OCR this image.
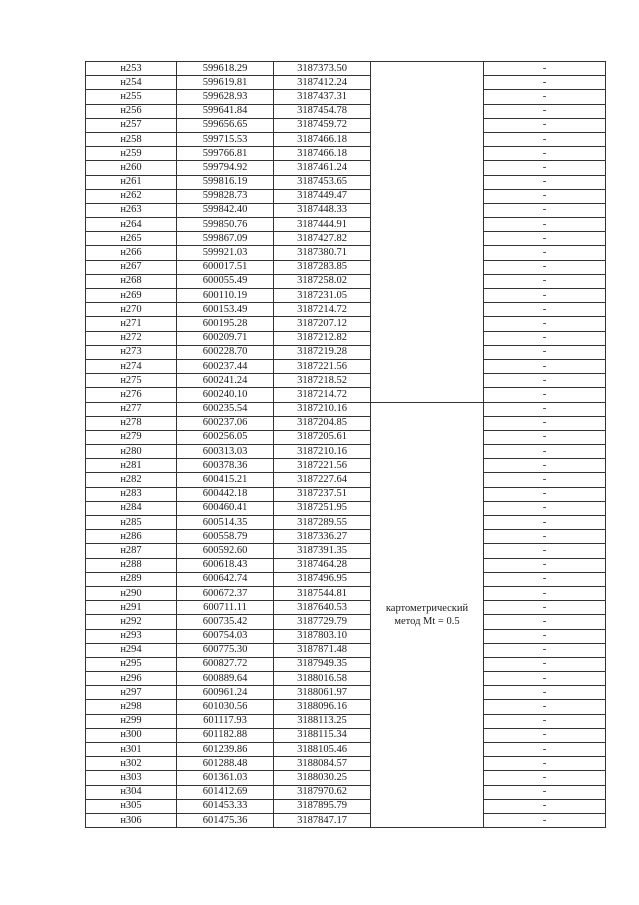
н253	599618.29	3187373.50		-
н254	599619.81	3187412.24		-
н255	599628.93	3187437.31		-
н256	599641.84	3187454.78		-
н257	599656.65	3187459.72		-
н258	599715.53	3187466.18		-
н259	599766.81	3187466.18		-
н260	599794.92	3187461.24		-
н261	599816.19	3187453.65		-
н262	599828.73	3187449.47		-
н263	599842.40	3187448.33		-
н264	599850.76	3187444.91		-
н265	599867.09	3187427.82		-
н266	599921.03	3187380.71		-
н267	600017.51	3187283.85		-
н268	600055.49	3187258.02		-
н269	600110.19	3187231.05		-
н270	600153.49	3187214.72		-
н271	600195.28	3187207.12		-
н272	600209.71	3187212.82		-
н273	600228.70	3187219.28		-
н274	600237.44	3187221.56		-
н275	600241.24	3187218.52		-
н276	600240.10	3187214.72		-
н277	600235.54	3187210.16	картометрический
метод Mt = 0.5	-
н278	600237.06	3187204.85		-
н279	600256.05	3187205.61		-
н280	600313.03	3187210.16		-
н281	600378.36	3187221.56		-
н282	600415.21	3187227.64		-
н283	600442.18	3187237.51		-
н284	600460.41	3187251.95		-
н285	600514.35	3187289.55		-
н286	600558.79	3187336.27		-
н287	600592.60	3187391.35		-
н288	600618.43	3187464.28		-
н289	600642.74	3187496.95		-
н290	600672.37	3187544.81		-
н291	600711.11	3187640.53		-
н292	600735.42	3187729.79		-
н293	600754.03	3187803.10		-
н294	600775.30	3187871.48		-
н295	600827.72	3187949.35		-
н296	600889.64	3188016.58		-
н297	600961.24	3188061.97		-
н298	601030.56	3188096.16		-
н299	601117.93	3188113.25		-
н300	601182.88	3188115.34		-
н301	601239.86	3188105.46		-
н302	601288.48	3188084.57		-
н303	601361.03	3188030.25		-
н304	601412.69	3187970.62		-
н305	601453.33	3187895.79		-
н306	601475.36	3187847.17		-
